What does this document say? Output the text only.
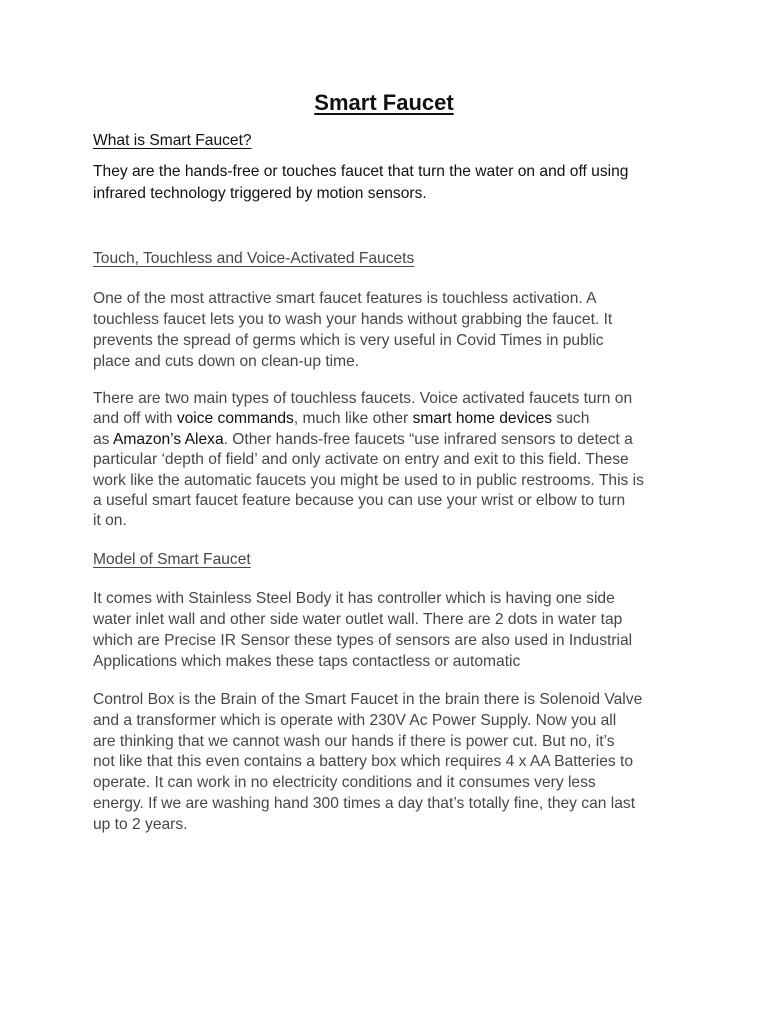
Smart Faucet
What is Smart Faucet?
They are the hands-free or touches faucet that turn the water on and off using
infrared technology triggered by motion sensors.
Touch, Touchless and Voice-Activated Faucets
One of the most attractive smart faucet features is touchless activation. A
touchless faucet lets you to wash your hands without grabbing the faucet. It
prevents the spread of germs which is very useful in Covid Times in public
place and cuts down on clean-up time.
There are two main types of touchless faucets. Voice activated faucets turn on
and off with voice commands, much like other smart home devices such
as Amazon’s Alexa. Other hands-free faucets “use infrared sensors to detect a
particular ‘depth of field’ and only activate on entry and exit to this field. These
work like the automatic faucets you might be used to in public restrooms. This is
a useful smart faucet feature because you can use your wrist or elbow to turn
it on.
Model of Smart Faucet
It comes with Stainless Steel Body it has controller which is having one side
water inlet wall and other side water outlet wall. There are 2 dots in water tap
which are Precise IR Sensor these types of sensors are also used in Industrial
Applications which makes these taps contactless or automatic
Control Box is the Brain of the Smart Faucet in the brain there is Solenoid Valve
and a transformer which is operate with 230V Ac Power Supply. Now you all
are thinking that we cannot wash our hands if there is power cut. But no, it’s
not like that this even contains a battery box which requires 4 x AA Batteries to
operate. It can work in no electricity conditions and it consumes very less
energy. If we are washing hand 300 times a day that’s totally fine, they can last
up to 2 years.
